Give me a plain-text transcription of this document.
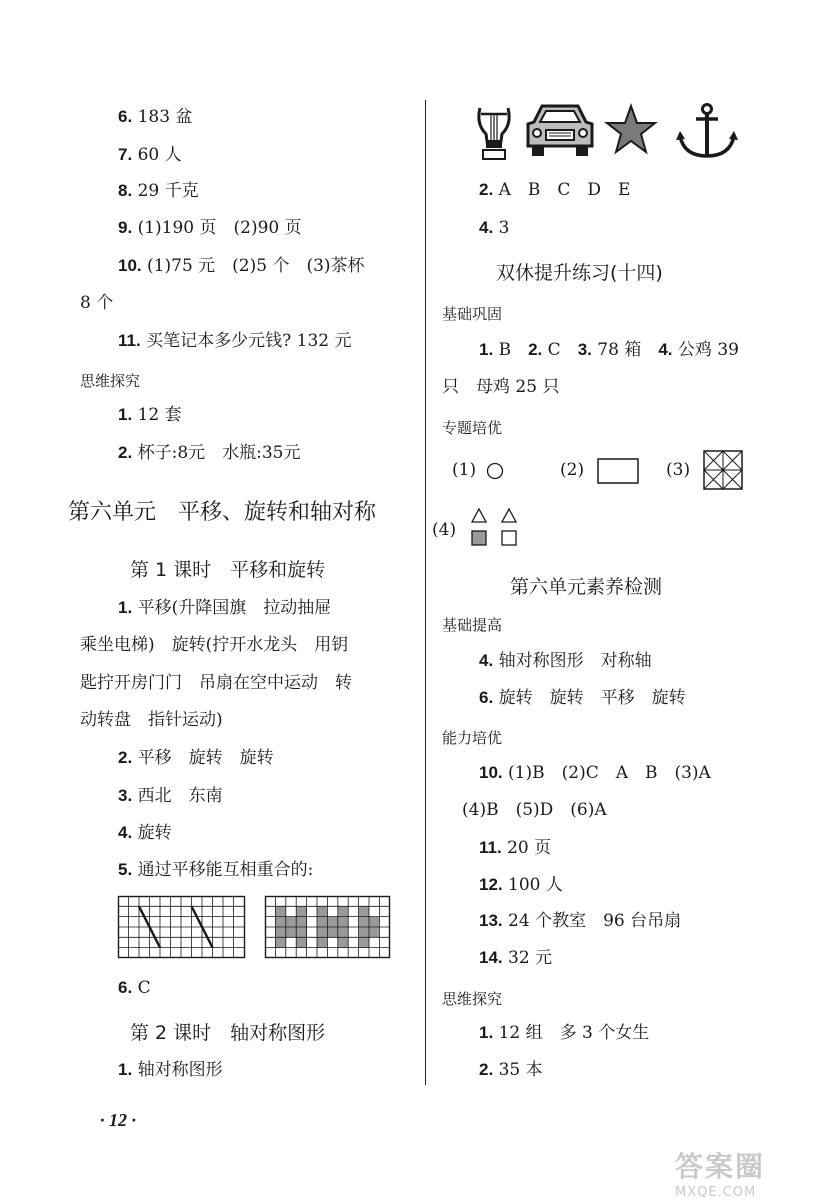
6. 183 盆
7. 60 人
8. 29 千克
9. (1)190 页　(2)90 页
10. (1)75 元　(2)5 个　(3)茶杯
8 个
11. 买笔记本多少元钱? 132 元
思维探究
1. 12 套
2. 杯子:8元　水瓶:35元
第六单元　平移、旋转和轴对称
第 1 课时　平移和旋转
1. 平移(升降国旗　拉动抽屉
乘坐电梯)　旋转(拧开水龙头　用钥
匙拧开房门门　吊扇在空中运动　转
动转盘　指针运动)
2. 平移　旋转　旋转
3. 西北　东南
4. 旋转
5. 通过平移能互相重合的:
6. C
第 2 课时　轴对称图形
1. 轴对称图形
· 12 ·
2. A　B　C　D　E
4. 3
双休提升练习(十四)
基础巩固
1. B　2. C　3. 78 箱　4. 公鸡 39
只　母鸡 25 只
专题培优
(1)	(2)	(3)
(4)
第六单元素养检测
基础提高
4. 轴对称图形　对称轴
6. 旋转　旋转　平移　旋转
能力培优
10. (1)B　(2)C　A　B　(3)A
(4)B　(5)D　(6)A
11. 20 页
12. 100 人
13. 24 个教室　96 台吊扇
14. 32 元
思维探究
1. 12 组　多 3 个女生
2. 35 本
答案圈
MXQE.COM
